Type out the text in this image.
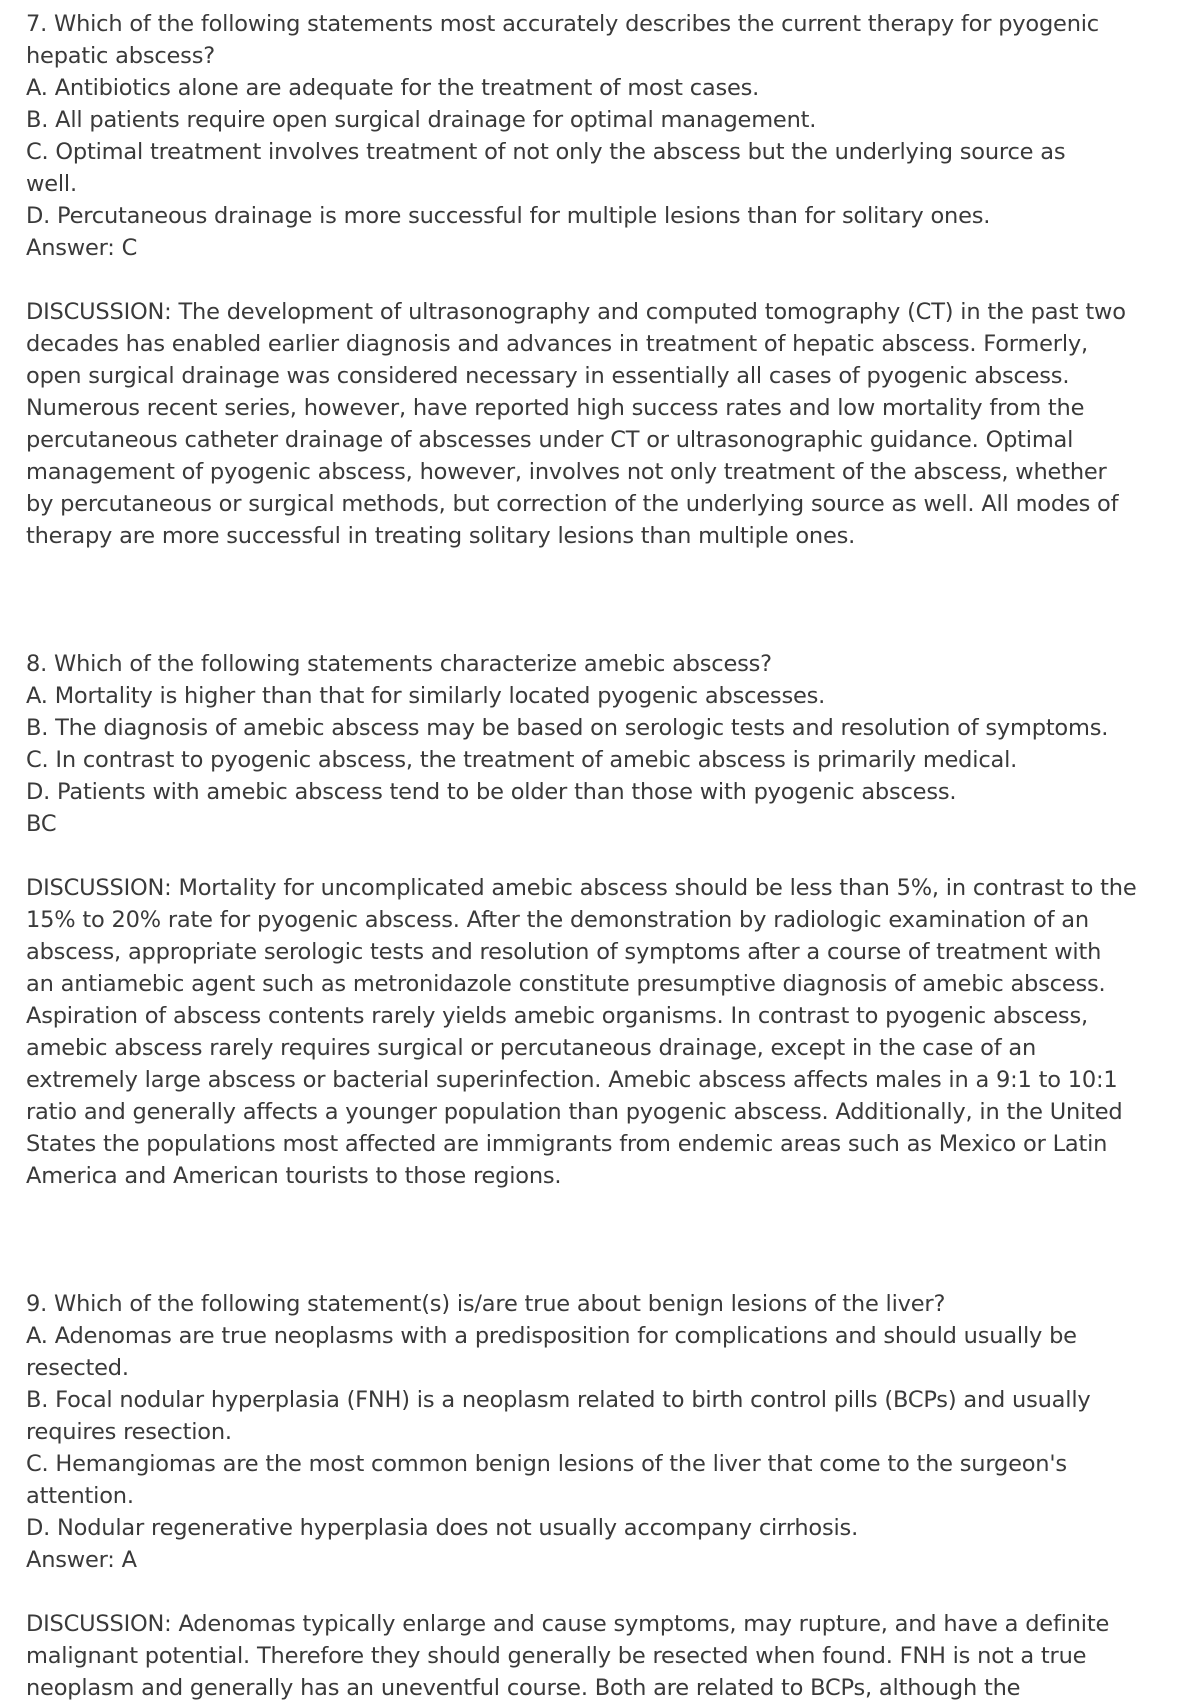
7. Which of the following statements most accurately describes the current therapy for pyogenic
hepatic abscess?
A. Antibiotics alone are adequate for the treatment of most cases.
B. All patients require open surgical drainage for optimal management.
C. Optimal treatment involves treatment of not only the abscess but the underlying source as
well.
D. Percutaneous drainage is more successful for multiple lesions than for solitary ones.
Answer: C
DISCUSSION: The development of ultrasonography and computed tomography (CT) in the past two
decades has enabled earlier diagnosis and advances in treatment of hepatic abscess. Formerly,
open surgical drainage was considered necessary in essentially all cases of pyogenic abscess.
Numerous recent series, however, have reported high success rates and low mortality from the
percutaneous catheter drainage of abscesses under CT or ultrasonographic guidance. Optimal
management of pyogenic abscess, however, involves not only treatment of the abscess, whether
by percutaneous or surgical methods, but correction of the underlying source as well. All modes of
therapy are more successful in treating solitary lesions than multiple ones.
8. Which of the following statements characterize amebic abscess?
A. Mortality is higher than that for similarly located pyogenic abscesses.
B. The diagnosis of amebic abscess may be based on serologic tests and resolution of symptoms.
C. In contrast to pyogenic abscess, the treatment of amebic abscess is primarily medical.
D. Patients with amebic abscess tend to be older than those with pyogenic abscess.
BC
DISCUSSION: Mortality for uncomplicated amebic abscess should be less than 5%, in contrast to the
15% to 20% rate for pyogenic abscess. After the demonstration by radiologic examination of an
abscess, appropriate serologic tests and resolution of symptoms after a course of treatment with
an antiamebic agent such as metronidazole constitute presumptive diagnosis of amebic abscess.
Aspiration of abscess contents rarely yields amebic organisms. In contrast to pyogenic abscess,
amebic abscess rarely requires surgical or percutaneous drainage, except in the case of an
extremely large abscess or bacterial superinfection. Amebic abscess affects males in a 9:1 to 10:1
ratio and generally affects a younger population than pyogenic abscess. Additionally, in the United
States the populations most affected are immigrants from endemic areas such as Mexico or Latin
America and American tourists to those regions.
9. Which of the following statement(s) is/are true about benign lesions of the liver?
A. Adenomas are true neoplasms with a predisposition for complications and should usually be
resected.
B. Focal nodular hyperplasia (FNH) is a neoplasm related to birth control pills (BCPs) and usually
requires resection.
C. Hemangiomas are the most common benign lesions of the liver that come to the surgeon's
attention.
D. Nodular regenerative hyperplasia does not usually accompany cirrhosis.
Answer: A
DISCUSSION: Adenomas typically enlarge and cause symptoms, may rupture, and have a definite
malignant potential. Therefore they should generally be resected when found. FNH is not a true
neoplasm and generally has an uneventful course. Both are related to BCPs, although the
